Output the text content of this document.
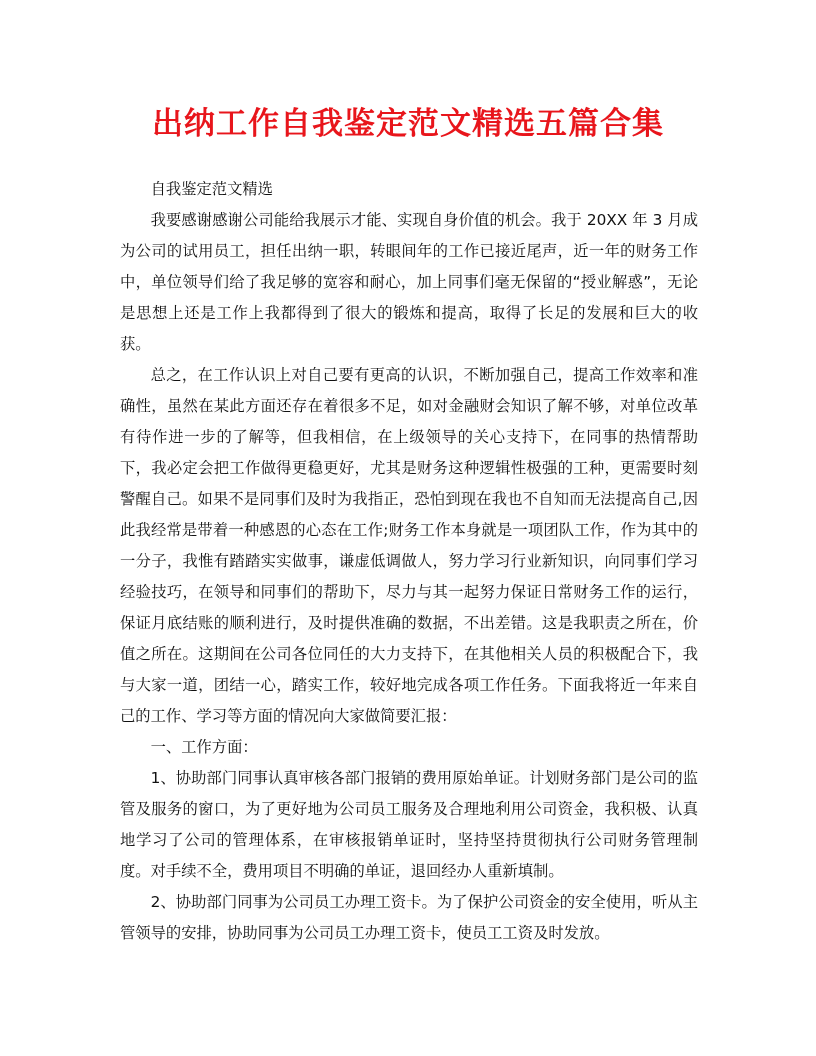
出纳工作自我鉴定范文精选五篇合集

自我鉴定范文精选

我要感谢感谢公司能给我展示才能、实现自身价值的机会。我于 20XX 年 3 月成为公司的试用员工，担任出纳一职，转眼间年的工作已接近尾声，近一年的财务工作中，单位领导们给了我足够的宽容和耐心，加上同事们毫无保留的“授业解惑”，无论是思想上还是工作上我都得到了很大的锻炼和提高，取得了长足的发展和巨大的收获。

总之，在工作认识上对自己要有更高的认识，不断加强自己，提高工作效率和准确性，虽然在某此方面还存在着很多不足，如对金融财会知识了解不够，对单位改革有待作进一步的了解等，但我相信，在上级领导的关心支持下，在同事的热情帮助下，我必定会把工作做得更稳更好，尤其是财务这种逻辑性极强的工种，更需要时刻警醒自己。如果不是同事们及时为我指正，恐怕到现在我也不自知而无法提高自己,因此我经常是带着一种感恩的心态在工作;财务工作本身就是一项团队工作，作为其中的一分子，我惟有踏踏实实做事，谦虚低调做人，努力学习行业新知识，向同事们学习经验技巧，在领导和同事们的帮助下，尽力与其一起努力保证日常财务工作的运行，保证月底结账的顺利进行，及时提供准确的数据，不出差错。这是我职责之所在，价值之所在。这期间在公司各位同任的大力支持下，在其他相关人员的积极配合下，我与大家一道，团结一心，踏实工作，较好地完成各项工作任务。下面我将近一年来自己的工作、学习等方面的情况向大家做简要汇报：

一、工作方面：

1、协助部门同事认真审核各部门报销的费用原始单证。计划财务部门是公司的监管及服务的窗口，为了更好地为公司员工服务及合理地利用公司资金，我积极、认真地学习了公司的管理体系，在审核报销单证时，坚持坚持贯彻执行公司财务管理制度。对手续不全，费用项目不明确的单证，退回经办人重新填制。

2、协助部门同事为公司员工办理工资卡。为了保护公司资金的安全使用，听从主管领导的安排，协助同事为公司员工办理工资卡，使员工工资及时发放。
